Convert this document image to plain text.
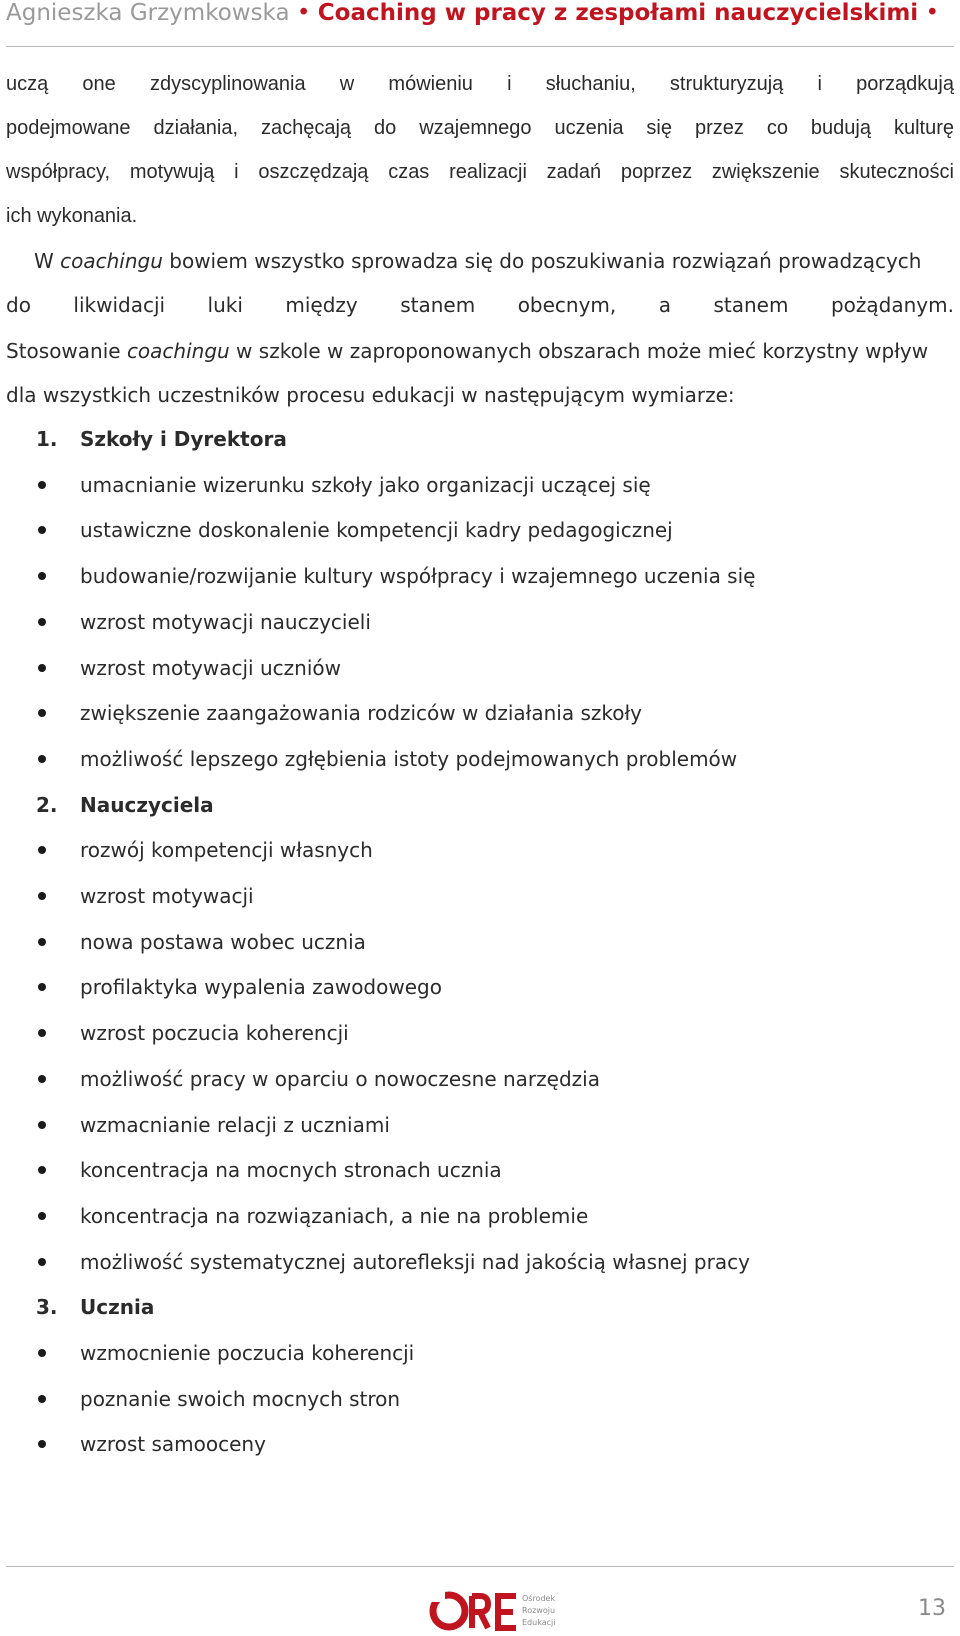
Agnieszka Grzymkowska • Coaching w pracy z zespołami nauczycielskimi •
uczą one zdyscyplinowania w mówieniu i słuchaniu, strukturyzują i porządkują
podejmowane działania, zachęcają do wzajemnego uczenia się przez co budują kulturę
współpracy, motywują i oszczędzają czas realizacji zadań poprzez zwiększenie skuteczności
ich wykonania.
W coachingu bowiem wszystko sprowadza się do poszukiwania rozwiązań prowadzących
do likwidacji luki między stanem obecnym, a stanem pożądanym.
Stosowanie coachingu w szkole w zaproponowanych obszarach może mieć korzystny wpływ
dla wszystkich uczestników procesu edukacji w następującym wymiarze:
1. Szkoły i Dyrektora
umacnianie wizerunku szkoły jako organizacji uczącej się
ustawiczne doskonalenie kompetencji kadry pedagogicznej
budowanie/rozwijanie kultury współpracy i wzajemnego uczenia się
wzrost motywacji nauczycieli
wzrost motywacji uczniów
zwiększenie zaangażowania rodziców w działania szkoły
możliwość lepszego zgłębienia istoty podejmowanych problemów
2. Nauczyciela
rozwój kompetencji własnych
wzrost motywacji
nowa postawa wobec ucznia
profilaktyka wypalenia zawodowego
wzrost poczucia koherencji
możliwość pracy w oparciu o nowoczesne narzędzia
wzmacnianie relacji z uczniami
koncentracja na mocnych stronach ucznia
koncentracja na rozwiązaniach, a nie na problemie
możliwość systematycznej autorefleksji nad jakością własnej pracy
3. Ucznia
wzmocnienie poczucia koherencji
poznanie swoich mocnych stron
wzrost samooceny
Ośrodek
Rozwoju
Edukacji
13
